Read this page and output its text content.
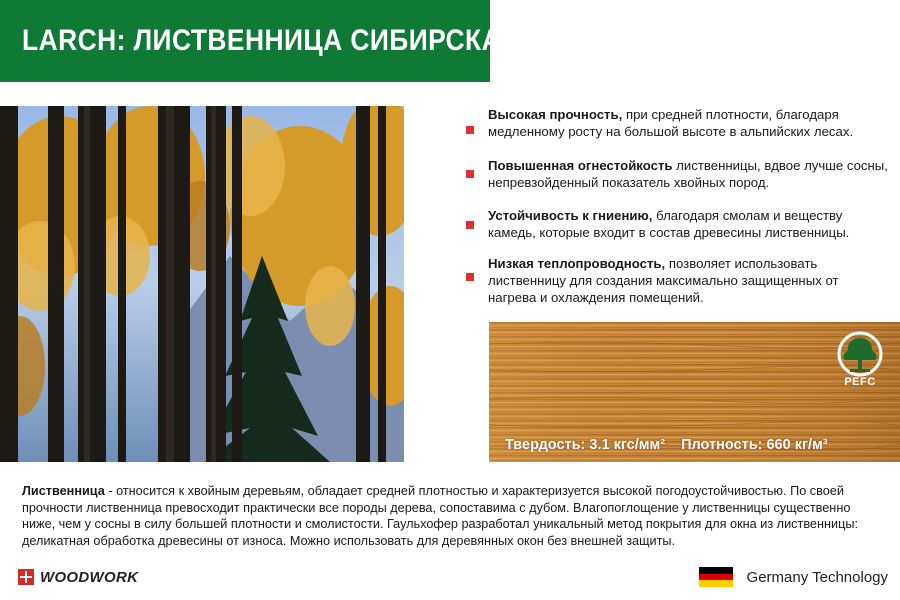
LARCH: ЛИСТВЕННИЦА СИБИРСКАЯ
Высокая прочность, при средней плотности, благодаря медленному росту на большой высоте в альпийских лесах.
Повышенная огнестойкость лиственницы, вдвое лучше сосны, непревзойденный показатель хвойных пород.
Устойчивость к гниению, благодаря смолам и веществу камедь, которые входит в состав древесины лиственницы.
Низкая теплопроводность, позволяет использовать лиственницу для создания максимально защищенных от нагрева и охлаждения помещений.
PEFC
Твердость: 3.1 кгс/мм² Плотность: 660 кг/м³
Лиственница - относится к хвойным деревьям, обладает средней плотностью и характеризуется высокой погодоустойчивостью. По своей прочности лиственница превосходит практически все породы дерева, сопоставима с дубом. Влагопоглощение у лиственницы существенно ниже, чем у сосны в силу большей плотности и смолистости. Гаульхофер разработал уникальный метод покрытия для окна из лиственницы: деликатная обработка древесины от износа. Можно использовать для деревянных окон без внешней защиты.
WOODWORK	Germany Technology
